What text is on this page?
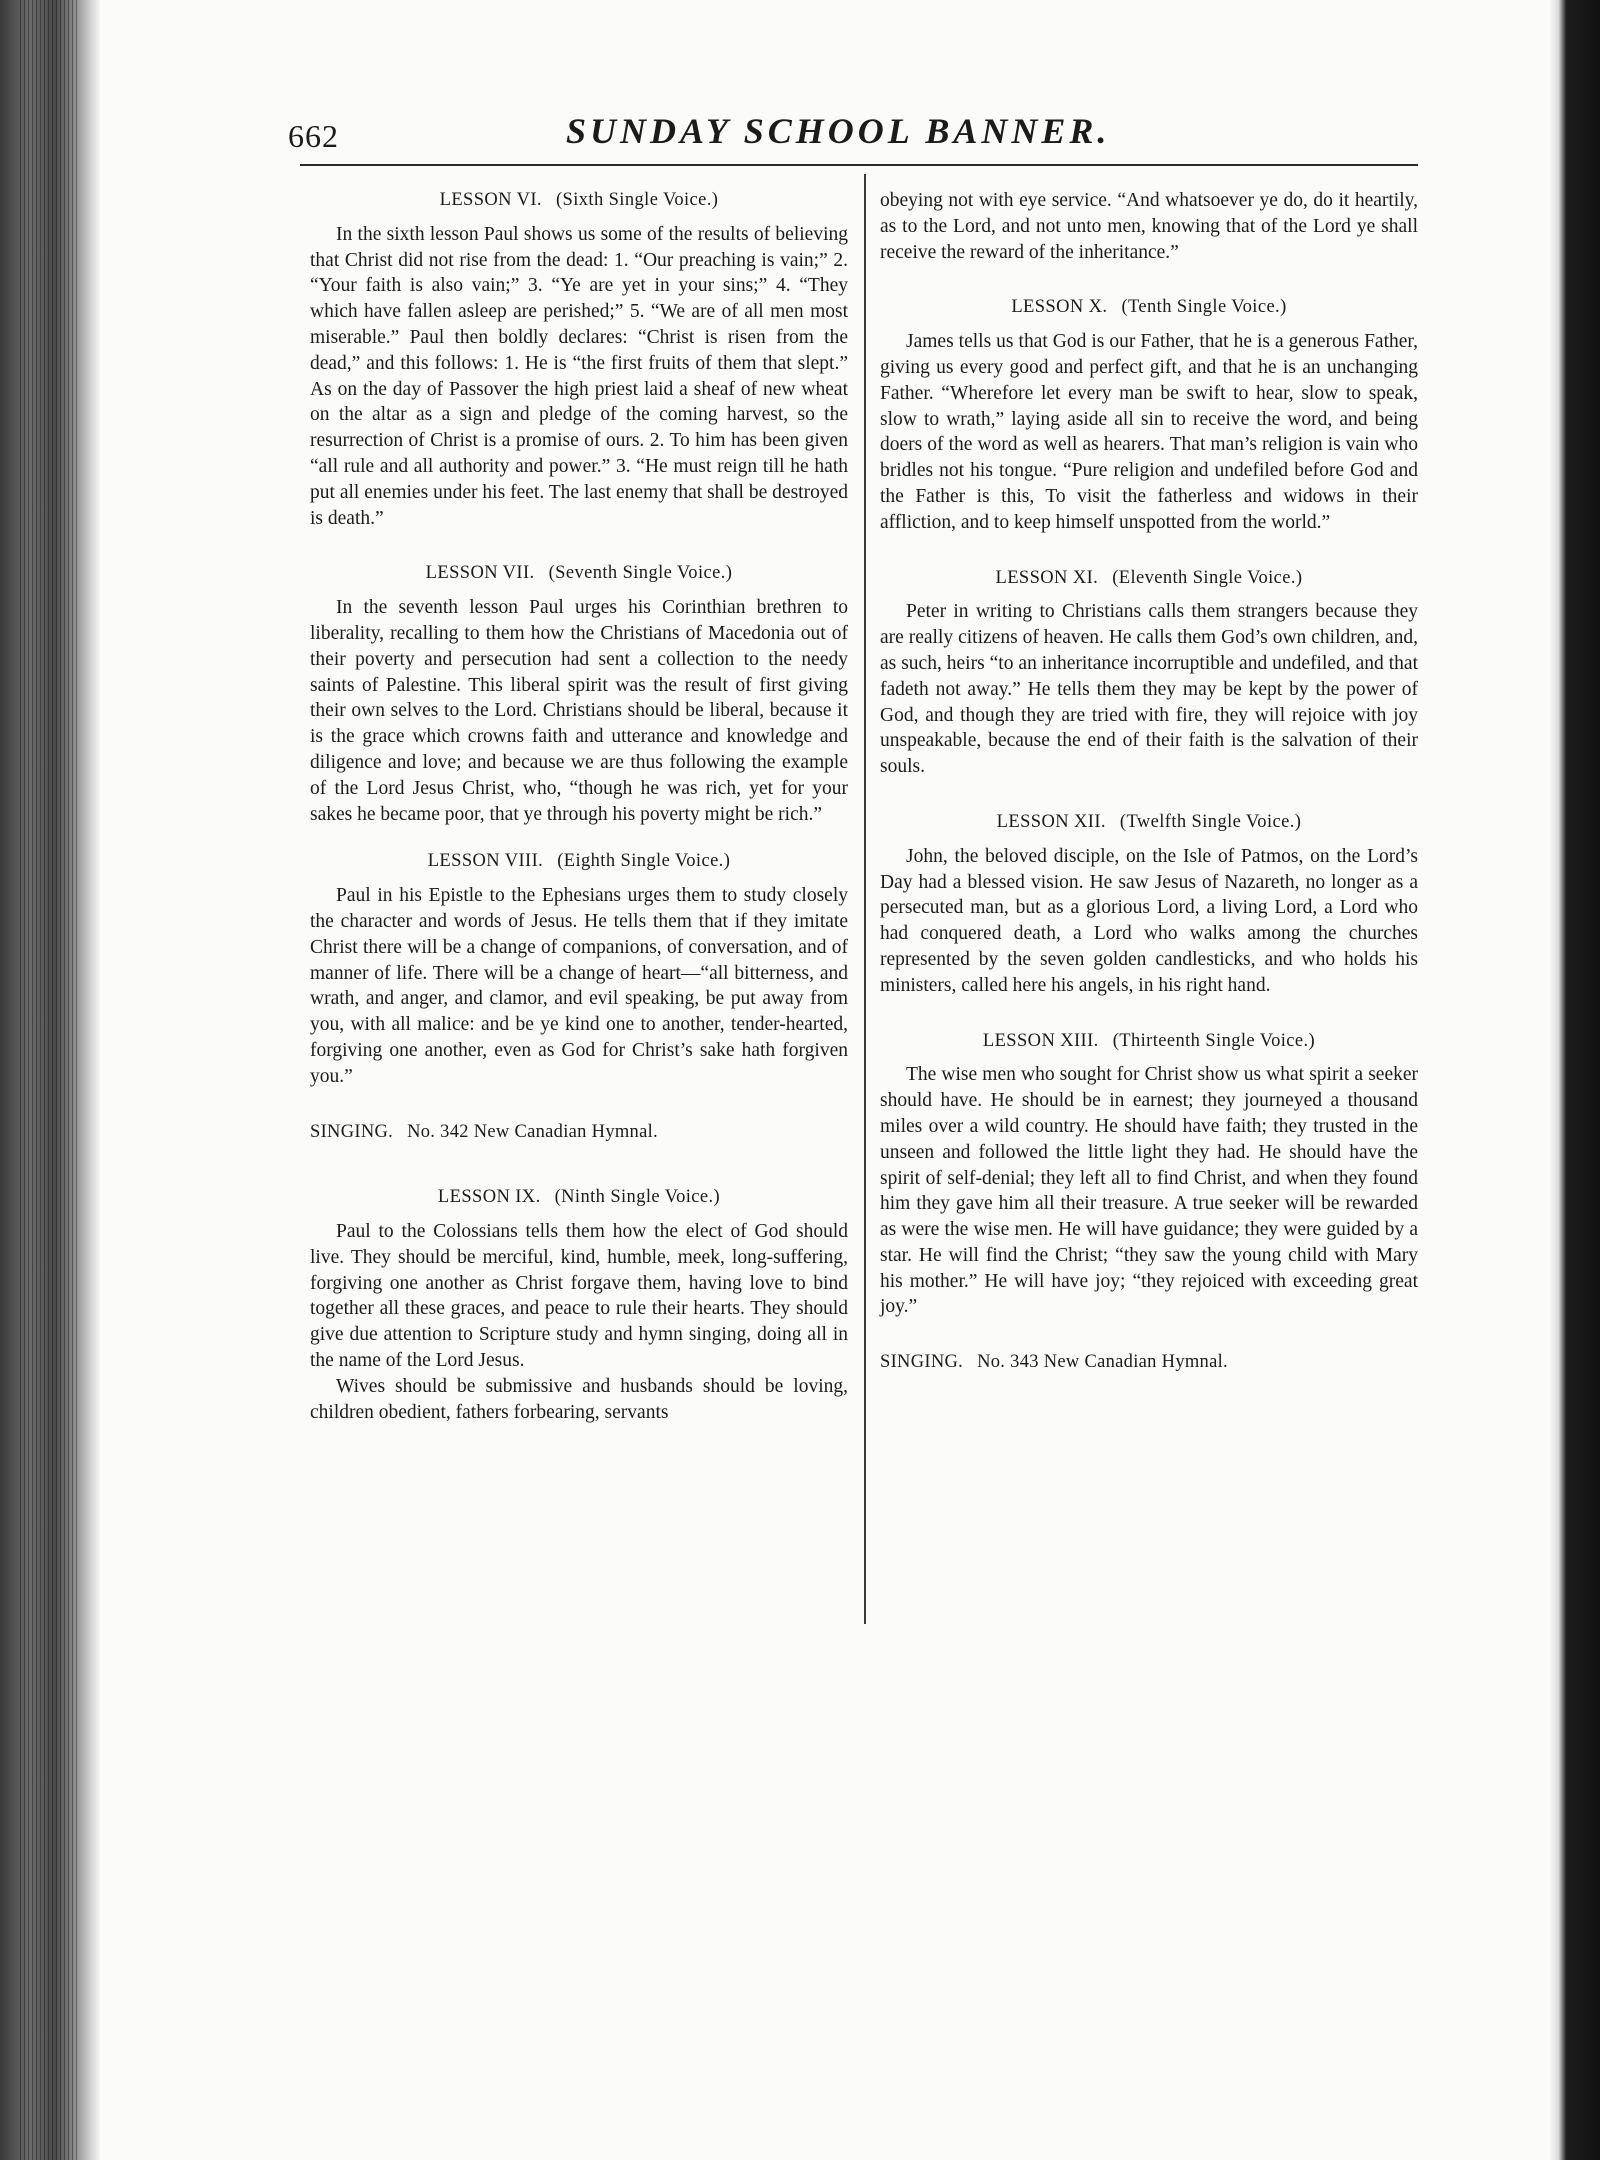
662	SUNDAY SCHOOL BANNER.
LESSON VI. (Sixth Single Voice.)

In the sixth lesson Paul shows us some of the results of believing that Christ did not rise from the dead: 1. “Our preaching is vain;” 2. “Your faith is also vain;” 3. “Ye are yet in your sins;” 4. “They which have fallen asleep are perished;” 5. “We are of all men most miserable.” Paul then boldly declares: “Christ is risen from the dead,” and this follows: 1. He is “the first fruits of them that slept.” As on the day of Passover the high priest laid a sheaf of new wheat on the altar as a sign and pledge of the coming harvest, so the resurrection of Christ is a promise of ours. 2. To him has been given “all rule and all authority and power.” 3. “He must reign till he hath put all enemies under his feet. The last enemy that shall be destroyed is death.”

LESSON VII. (Seventh Single Voice.)

In the seventh lesson Paul urges his Corinthian brethren to liberality, recalling to them how the Christians of Macedonia out of their poverty and persecution had sent a collection to the needy saints of Palestine. This liberal spirit was the result of first giving their own selves to the Lord. Christians should be liberal, because it is the grace which crowns faith and utterance and knowledge and diligence and love; and because we are thus following the example of the Lord Jesus Christ, who, “though he was rich, yet for your sakes he became poor, that ye through his poverty might be rich.”

LESSON VIII. (Eighth Single Voice.)

Paul in his Epistle to the Ephesians urges them to study closely the character and words of Jesus. He tells them that if they imitate Christ there will be a change of companions, of conversation, and of manner of life. There will be a change of heart—“all bitterness, and wrath, and anger, and clamor, and evil speaking, be put away from you, with all malice: and be ye kind one to another, tender-hearted, forgiving one another, even as God for Christ’s sake hath forgiven you.”

SINGING. No. 342 New Canadian Hymnal.

LESSON IX. (Ninth Single Voice.)

Paul to the Colossians tells them how the elect of God should live. They should be merciful, kind, humble, meek, long-suffering, forgiving one another as Christ forgave them, having love to bind together all these graces, and peace to rule their hearts. They should give due attention to Scripture study and hymn singing, doing all in the name of the Lord Jesus.

Wives should be submissive and husbands should be loving, children obedient, fathers forbearing, servants

obeying not with eye service. “And whatsoever ye do, do it heartily, as to the Lord, and not unto men, knowing that of the Lord ye shall receive the reward of the inheritance.”

LESSON X. (Tenth Single Voice.)

James tells us that God is our Father, that he is a generous Father, giving us every good and perfect gift, and that he is an unchanging Father. “Wherefore let every man be swift to hear, slow to speak, slow to wrath,” laying aside all sin to receive the word, and being doers of the word as well as hearers. That man’s religion is vain who bridles not his tongue. “Pure religion and undefiled before God and the Father is this, To visit the fatherless and widows in their affliction, and to keep himself unspotted from the world.”

LESSON XI. (Eleventh Single Voice.)

Peter in writing to Christians calls them strangers because they are really citizens of heaven. He calls them God’s own children, and, as such, heirs “to an inheritance incorruptible and undefiled, and that fadeth not away.” He tells them they may be kept by the power of God, and though they are tried with fire, they will rejoice with joy unspeakable, because the end of their faith is the salvation of their souls.

LESSON XII. (Twelfth Single Voice.)

John, the beloved disciple, on the Isle of Patmos, on the Lord’s Day had a blessed vision. He saw Jesus of Nazareth, no longer as a persecuted man, but as a glorious Lord, a living Lord, a Lord who had conquered death, a Lord who walks among the churches represented by the seven golden candlesticks, and who holds his ministers, called here his angels, in his right hand.

LESSON XIII. (Thirteenth Single Voice.)

The wise men who sought for Christ show us what spirit a seeker should have. He should be in earnest; they journeyed a thousand miles over a wild country. He should have faith; they trusted in the unseen and followed the little light they had. He should have the spirit of self-denial; they left all to find Christ, and when they found him they gave him all their treasure. A true seeker will be rewarded as were the wise men. He will have guidance; they were guided by a star. He will find the Christ; “they saw the young child with Mary his mother.” He will have joy; “they rejoiced with exceeding great joy.”

SINGING. No. 343 New Canadian Hymnal.
